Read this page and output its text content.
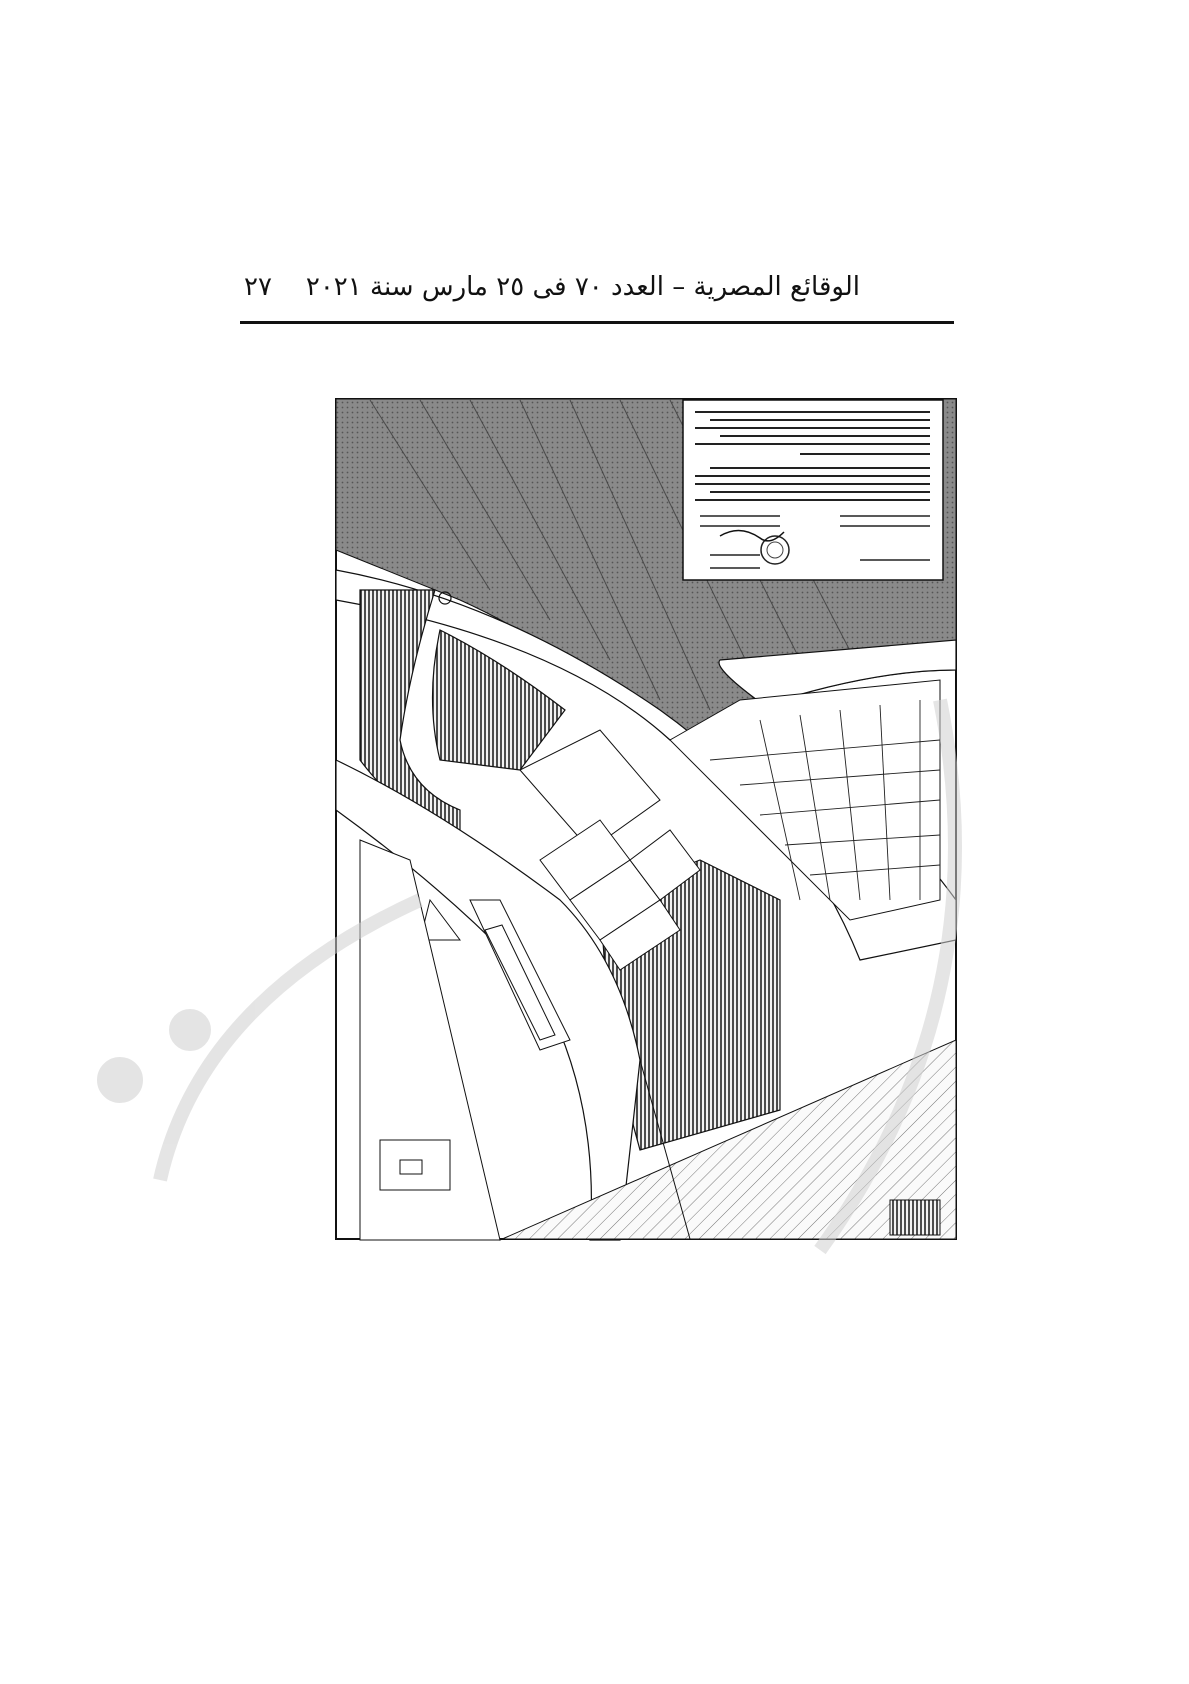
الوقائع المصرية – العدد ٧٠ فى ٢٥ مارس سنة ٢٠٢١
٢٧
